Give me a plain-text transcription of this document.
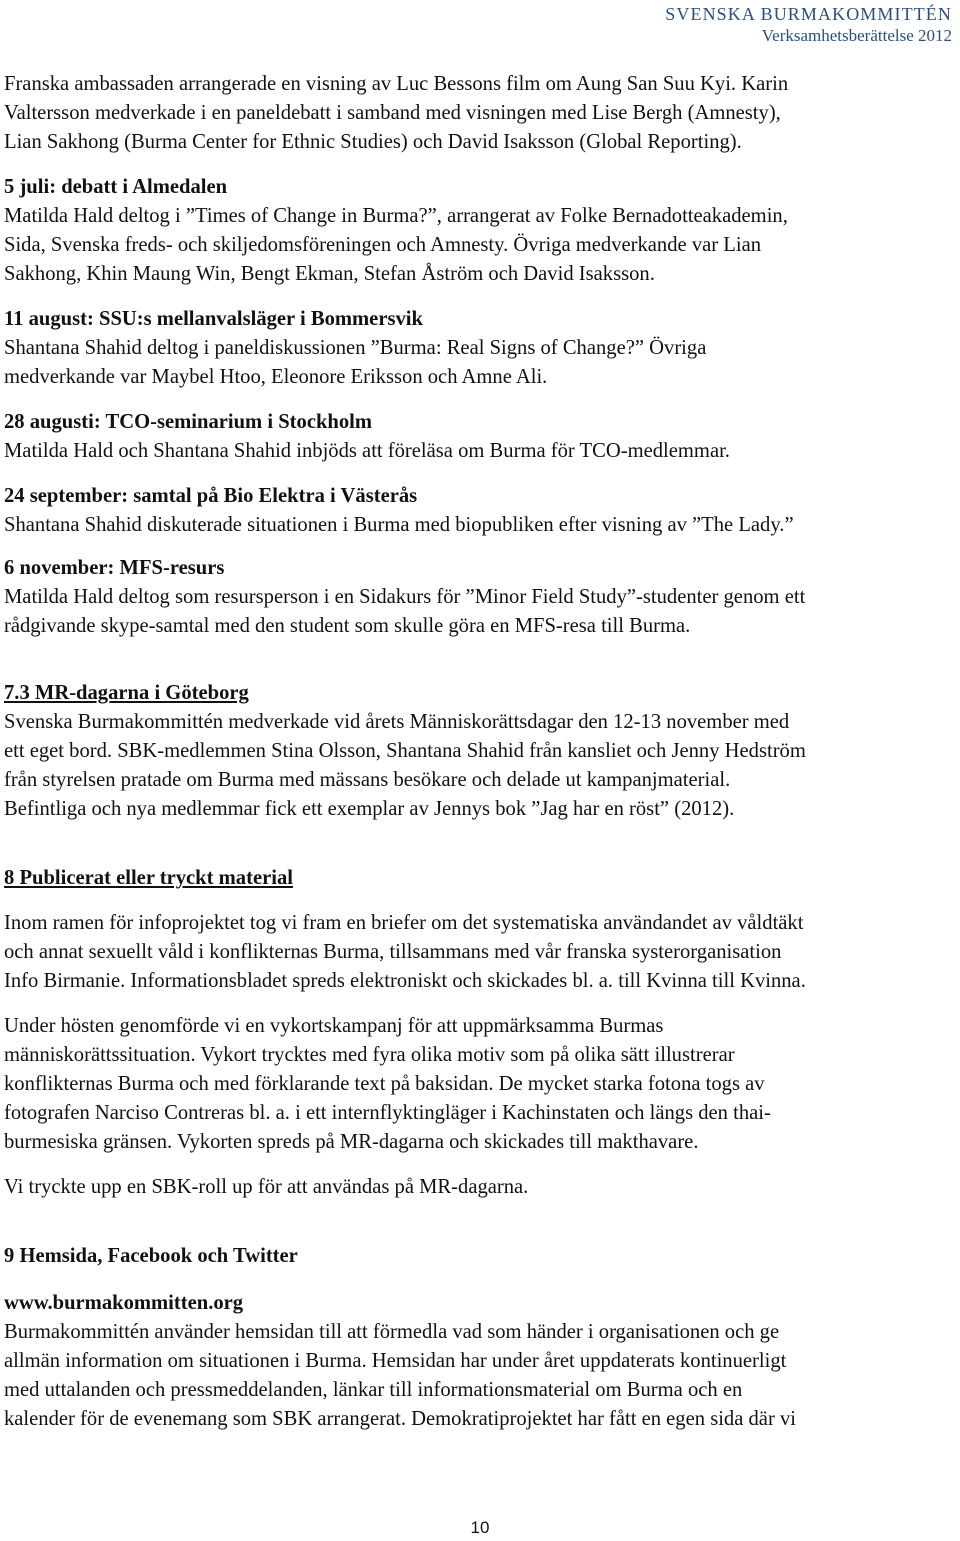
SVENSKA BURMAKOMMITTÉN
Verksamhetsberättelse 2012

Franska ambassaden arrangerade en visning av Luc Bessons film om Aung San Suu Kyi. Karin
Valtersson medverkade i en paneldebatt i samband med visningen med Lise Bergh (Amnesty),
Lian Sakhong (Burma Center for Ethnic Studies) och David Isaksson (Global Reporting).

5 juli: debatt i Almedalen
Matilda Hald deltog i ”Times of Change in Burma?”, arrangerat av Folke Bernadotteakademin,
Sida, Svenska freds- och skiljedomsföreningen och Amnesty. Övriga medverkande var Lian
Sakhong, Khin Maung Win, Bengt Ekman, Stefan Åström och David Isaksson.

11 august: SSU:s mellanvalsläger i Bommersvik
Shantana Shahid deltog i paneldiskussionen ”Burma: Real Signs of Change?” Övriga
medverkande var Maybel Htoo, Eleonore Eriksson och Amne Ali.

28 augusti: TCO-seminarium i Stockholm
Matilda Hald och Shantana Shahid inbjöds att föreläsa om Burma för TCO-medlemmar.

24 september: samtal på Bio Elektra i Västerås
Shantana Shahid diskuterade situationen i Burma med biopubliken efter visning av ”The Lady.”

6 november: MFS-resurs
Matilda Hald deltog som resursperson i en Sidakurs för ”Minor Field Study”-studenter genom ett
rådgivande skype-samtal med den student som skulle göra en MFS-resa till Burma.

7.3 MR-dagarna i Göteborg
Svenska Burmakommittén medverkade vid årets Människorättsdagar den 12-13 november med
ett eget bord. SBK-medlemmen Stina Olsson, Shantana Shahid från kansliet och Jenny Hedström
från styrelsen pratade om Burma med mässans besökare och delade ut kampanjmaterial.
Befintliga och nya medlemmar fick ett exemplar av Jennys bok ”Jag har en röst” (2012).

8 Publicerat eller tryckt material

Inom ramen för infoprojektet tog vi fram en briefer om det systematiska användandet av våldtäkt
och annat sexuellt våld i konflikternas Burma, tillsammans med vår franska systerorganisation
Info Birmanie. Informationsbladet spreds elektroniskt och skickades bl. a. till Kvinna till Kvinna.

Under hösten genomförde vi en vykortskampanj för att uppmärksamma Burmas
människorättssituation. Vykort trycktes med fyra olika motiv som på olika sätt illustrerar
konflikternas Burma och med förklarande text på baksidan. De mycket starka fotona togs av
fotografen Narciso Contreras bl. a. i ett internflyktingläger i Kachinstaten och längs den thai-
burmesiska gränsen. Vykorten spreds på MR-dagarna och skickades till makthavare.

Vi tryckte upp en SBK-roll up för att användas på MR-dagarna.

9 Hemsida, Facebook och Twitter

www.burmakommitten.org
Burmakommittén använder hemsidan till att förmedla vad som händer i organisationen och ge
allmän information om situationen i Burma. Hemsidan har under året uppdaterats kontinuerligt
med uttalanden och pressmeddelanden, länkar till informationsmaterial om Burma och en
kalender för de evenemang som SBK arrangerat. Demokratiprojektet har fått en egen sida där vi

10
